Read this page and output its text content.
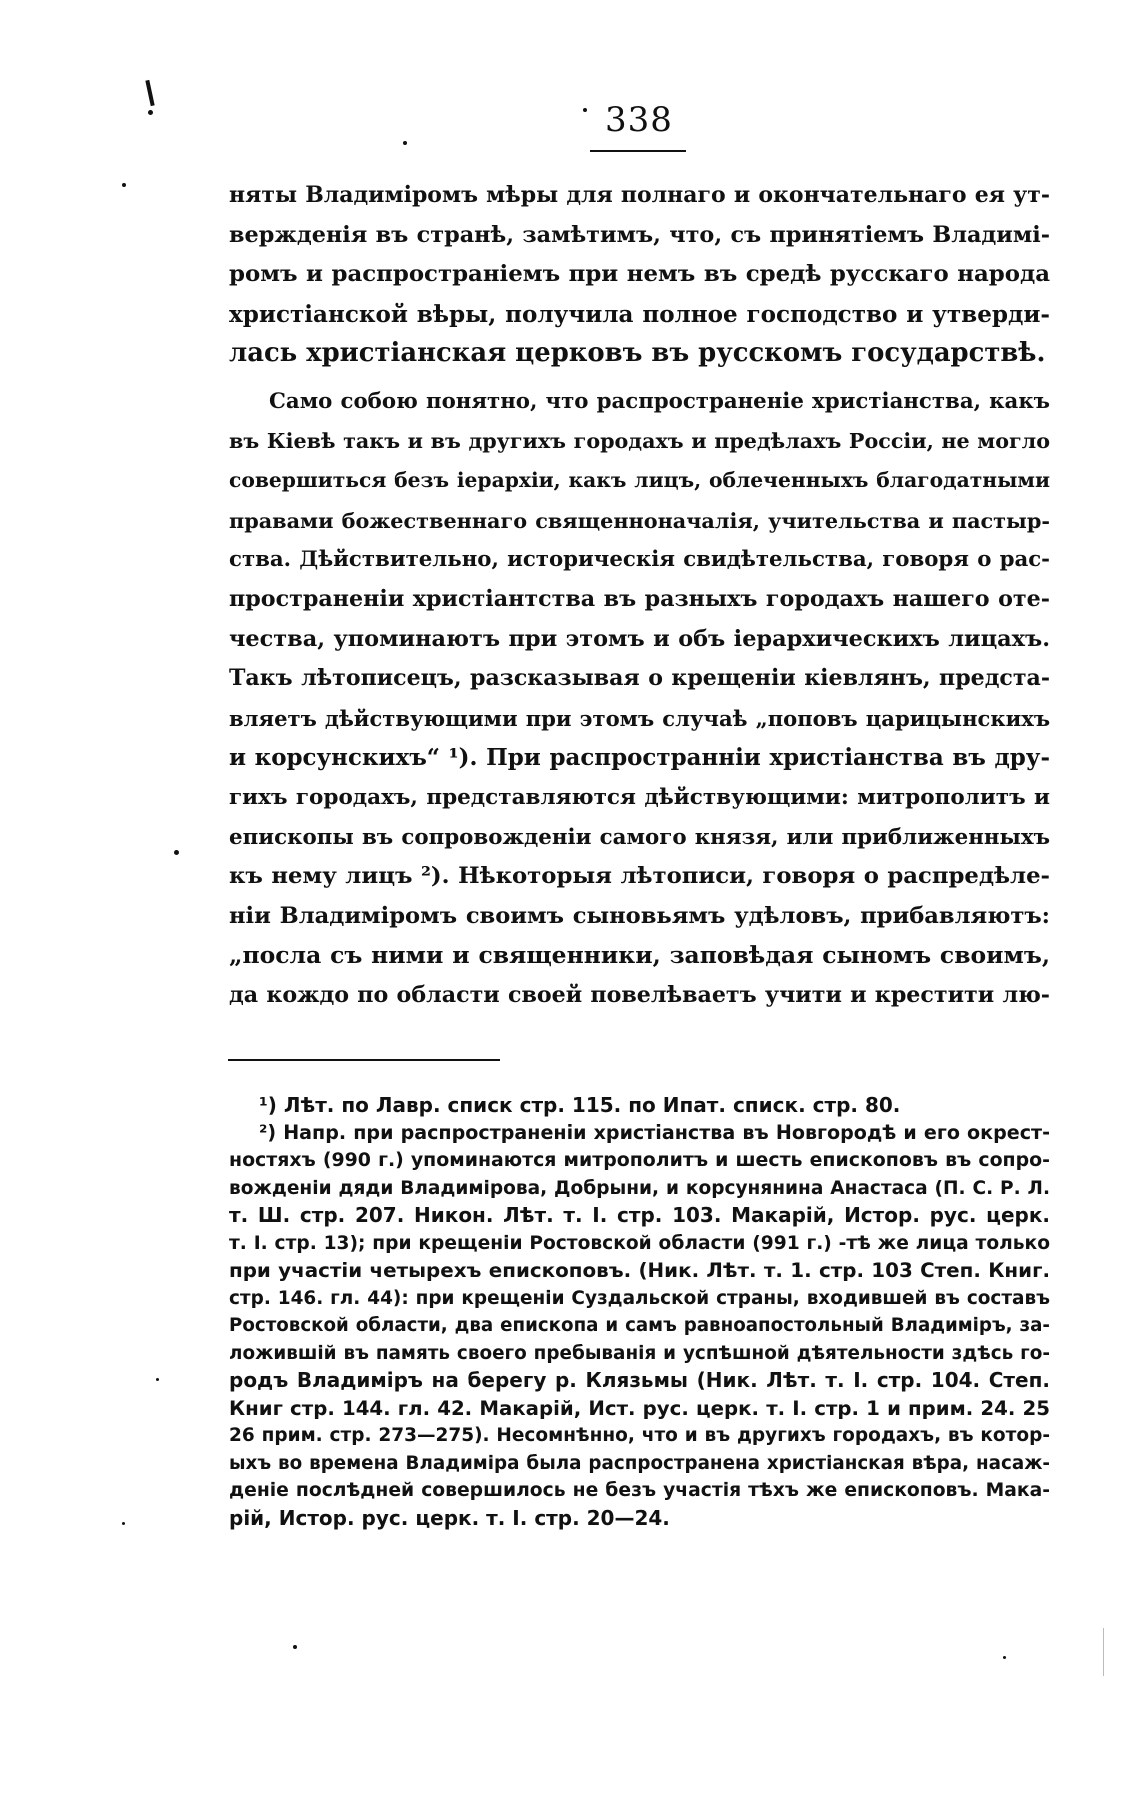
338
няты Владиміромъ мѣры для полнаго и окончательнаго ея ут-
вержденія въ странѣ, замѣтимъ, что, съ принятіемъ Владимі-
ромъ и распространіемъ при немъ въ средѣ русскаго народа
христіанской вѣры, получила полное господство и утверди-
лась христіанская церковъ въ русскомъ государствѣ.
Само собою понятно, что распространеніе христіанства, какъ
въ Кіевѣ такъ и въ другихъ городахъ и предѣлахъ Россіи, не могло
совершиться безъ іерархіи, какъ лицъ, облеченныхъ благодатными
правами божественнаго священноначалія, учительства и пастыр-
ства. Дѣйствительно, историческія свидѣтельства, говоря о рас-
пространеніи христіантства въ разныхъ городахъ нашего оте-
чества, упоминаютъ при этомъ и объ іерархическихъ лицахъ.
Такъ лѣтописецъ, разсказывая о крещеніи кіевлянъ, предста-
вляетъ дѣйствующими при этомъ случаѣ „поповъ царицынскихъ
и корсунскихъ“ ¹). При распространніи христіанства въ дру-
гихъ городахъ, представляются дѣйствующими: митрополитъ и
епископы въ сопровожденіи самого князя, или приближенныхъ
къ нему лицъ ²). Нѣкоторыя лѣтописи, говоря о распредѣле-
ніи Владиміромъ своимъ сыновьямъ удѣловъ, прибавляютъ:
„посла съ ними и священники, заповѣдая сыномъ своимъ,
да кождо по области своей повелѣваетъ учити и крестити лю-
¹) Лѣт. по Лавр. списк стр. 115. по Ипат. списк. стр. 80.
²) Напр. при распространеніи христіанства въ Новгородѣ и его окрест-
ностяхъ (990 г.) упоминаются митрополитъ и шесть епископовъ въ сопро-
вожденіи дяди Владиміровa, Добрыни, и корсунянина Анастаса (П. С. Р. Л.
т. Ш. стр. 207. Никон. Лѣт. т. I. стр. 103. Макарій, Истор. рус. церк.
т. I. стр. 13); при крещеніи Ростовской области (991 г.) -тѣ же лица только
при участіи четырехъ епископовъ. (Ник. Лѣт. т. 1. стр. 103 Степ. Книг.
стр. 146. гл. 44): при крещеніи Суздальской страны, входившей въ составъ
Ростовской области, два епископа и самъ равноапостольный Владиміръ, за-
ложившій въ память своего пребыванія и успѣшной дѣятельности здѣсь го-
родъ Владиміръ на берегу р. Клязьмы (Ник. Лѣт. т. I. стр. 104. Степ.
Книг стр. 144. гл. 42. Макарій, Ист. рус. церк. т. I. стр. 1 и прим. 24. 25
26 прим. стр. 273—275). Несомнѣнно, что и въ другихъ городахъ, въ котор-
ыхъ во времена Владиміра была распространена христіанская вѣра, насаж-
деніе послѣдней совершилось не безъ участія тѣхъ же епископовъ. Мака-
рій, Истор. рус. церк. т. I. стр. 20—24.
